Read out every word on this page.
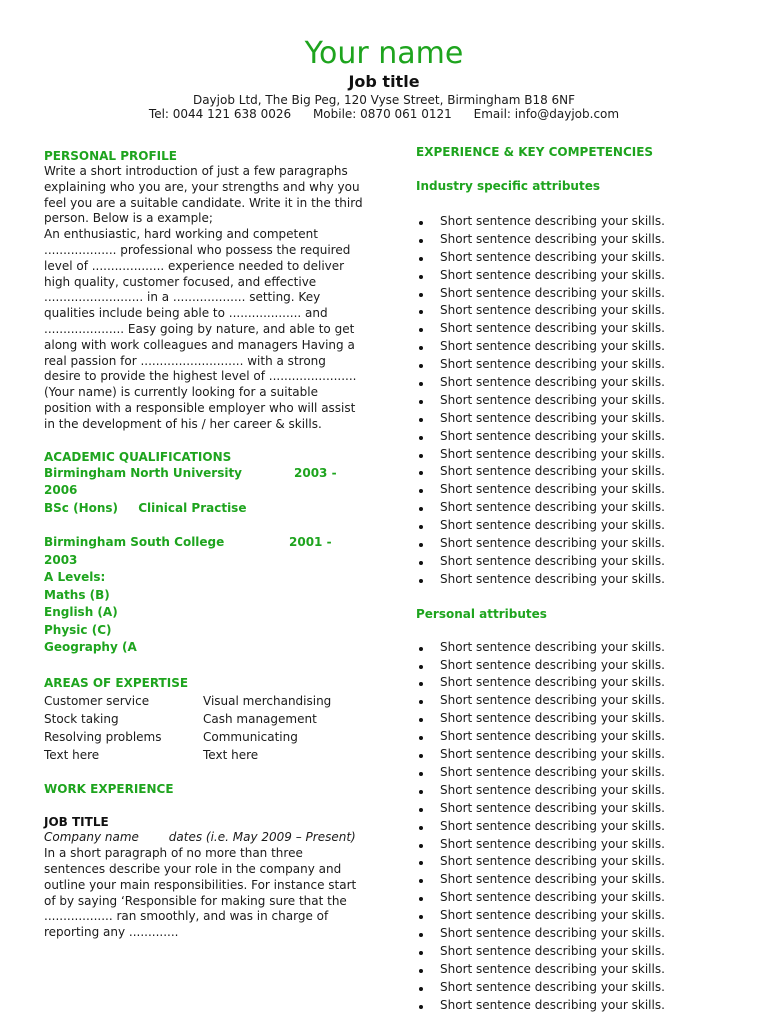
Your name
Job title
Dayjob Ltd, The Big Peg, 120 Vyse Street, Birmingham B18 6NF
Tel: 0044 121 638 0026 Mobile: 0870 061 0121 Email: info@dayjob.com
PERSONAL PROFILE

Write a short introduction of just a few paragraphs explaining who you are, your strengths and why you feel you are a suitable candidate. Write it in the third person. Below is a example;

An enthusiastic, hard working and competent ................... professional who possess the required level of ................... experience needed to deliver high quality, customer focused, and effective .......................... in a ................... setting. Key qualities include being able to ................... and ..................... Easy going by nature, and able to get along with work colleagues and managers Having a real passion for ........................... with a strong desire to provide the highest level of ....................... (Your name) is currently looking for a suitable position with a responsible employer who will assist in the development of his / her career & skills.

ACADEMIC QUALIFICATIONS
Birmingham North University	2003 -
2006
BSc (Hons) Clinical Practise
Birmingham South College	2001 -
2003
A Levels:
Maths (B)
English (A)
Physic (C)
Geography (A
AREAS OF EXPERTISE
Customer service	Visual merchandising
Stock taking	Cash management
Resolving problems	Communicating
Text here	Text here
WORK EXPERIENCE
JOB TITLE
Company name dates (i.e. May 2009 – Present)

In a short paragraph of no more than three sentences describe your role in the company and outline your main responsibilities. For instance start of by saying ‘Responsible for making sure that the .................. ran smoothly, and was in charge of reporting any .............

EXPERIENCE & KEY COMPETENCIES
Industry specific attributes
Short sentence describing your skills.
Short sentence describing your skills.
Short sentence describing your skills.
Short sentence describing your skills.
Short sentence describing your skills.
Short sentence describing your skills.
Short sentence describing your skills.
Short sentence describing your skills.
Short sentence describing your skills.
Short sentence describing your skills.
Short sentence describing your skills.
Short sentence describing your skills.
Short sentence describing your skills.
Short sentence describing your skills.
Short sentence describing your skills.
Short sentence describing your skills.
Short sentence describing your skills.
Short sentence describing your skills.
Short sentence describing your skills.
Short sentence describing your skills.
Short sentence describing your skills.
Personal attributes
Short sentence describing your skills.
Short sentence describing your skills.
Short sentence describing your skills.
Short sentence describing your skills.
Short sentence describing your skills.
Short sentence describing your skills.
Short sentence describing your skills.
Short sentence describing your skills.
Short sentence describing your skills.
Short sentence describing your skills.
Short sentence describing your skills.
Short sentence describing your skills.
Short sentence describing your skills.
Short sentence describing your skills.
Short sentence describing your skills.
Short sentence describing your skills.
Short sentence describing your skills.
Short sentence describing your skills.
Short sentence describing your skills.
Short sentence describing your skills.
Short sentence describing your skills.
